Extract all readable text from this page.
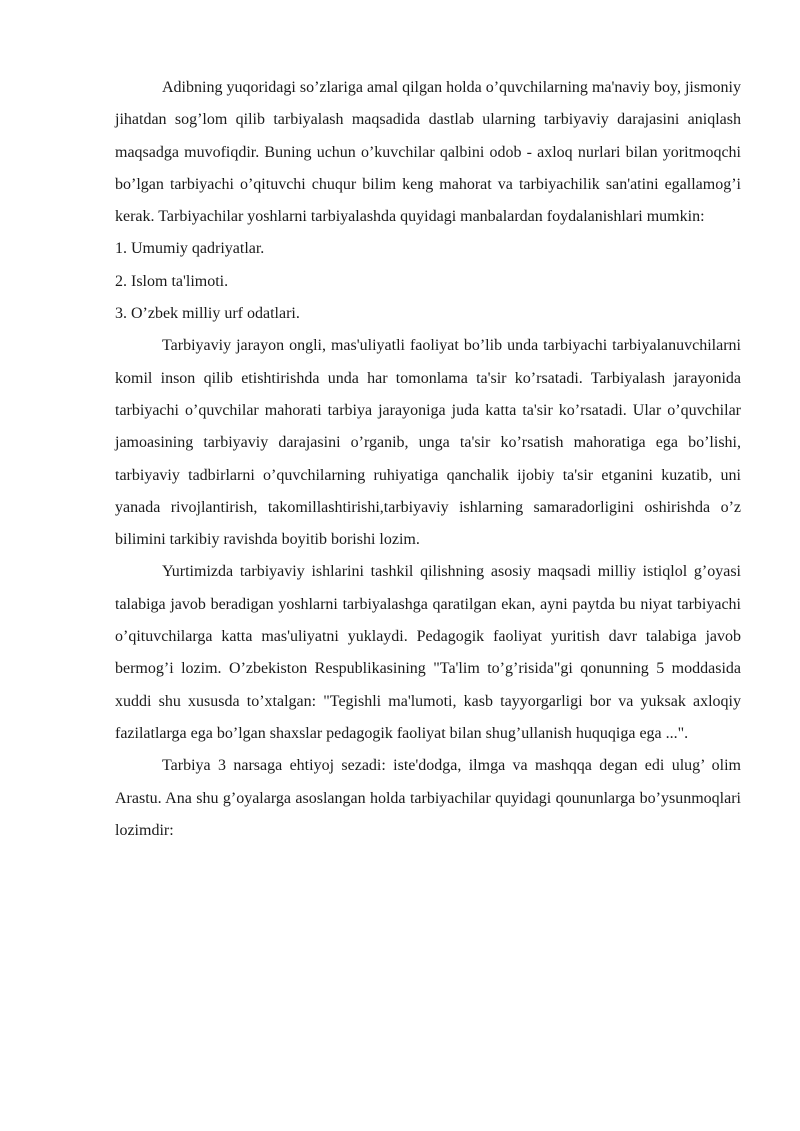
Adibning yuqoridagi so’zlariga amal qilgan holda o’quvchilarning ma'naviy boy, jismoniy jihatdan sog’lom qilib tarbiyalash maqsadida dastlab ularning tarbiyaviy darajasini aniqlash maqsadga muvofiqdir. Buning uchun o’kuvchilar qalbini odob - axloq nurlari bilan yoritmoqchi bo’lgan tarbiyachi o’qituvchi chuqur bilim keng mahorat va tarbiyachilik san'atini egallamog’i kerak. Tarbiyachilar yoshlarni tarbiyalashda quyidagi manbalardan foydalanishlari mumkin:

1. Umumiy qadriyatlar.

2. Islom ta'limoti.

3. O’zbek milliy urf odatlari.

Tarbiyaviy jarayon ongli, mas'uliyatli faoliyat bo’lib unda tarbiyachi tarbiyalanuvchilarni komil inson qilib etishtirishda unda har tomonlama ta'sir ko’rsatadi. Tarbiyalash jarayonida tarbiyachi o’quvchilar mahorati tarbiya jarayoniga juda katta ta'sir ko’rsatadi. Ular o’quvchilar jamoasining tarbiyaviy darajasini o’rganib, unga ta'sir ko’rsatish mahoratiga ega bo’lishi, tarbiyaviy tadbirlarni o’quvchilarning ruhiyatiga qanchalik ijobiy ta'sir etganini kuzatib, uni yanada rivojlantirish, takomillashtirishi,tarbiyaviy ishlarning samaradorligini oshirishda o’z bilimini tarkibiy ravishda boyitib borishi lozim.

Yurtimizda tarbiyaviy ishlarini tashkil qilishning asosiy maqsadi milliy istiqlol g’oyasi talabiga javob beradigan yoshlarni tarbiyalashga qaratilgan ekan, ayni paytda bu niyat tarbiyachi o’qituvchilarga katta mas'uliyatni yuklaydi. Pedagogik faoliyat yuritish davr talabiga javob bermog’i lozim. O’zbekiston Respublikasining "Ta'lim to’g’risida"gi qonunning 5 moddasida xuddi shu xususda to’xtalgan: "Tegishli ma'lumoti, kasb tayyorgarligi bor va yuksak axloqiy fazilatlarga ega bo’lgan shaxslar pedagogik faoliyat bilan shug’ullanish huquqiga ega ...".

Tarbiya 3 narsaga ehtiyoj sezadi: iste'dodga, ilmga va mashqqa degan edi ulug’ olim Arastu. Ana shu g’oyalarga asoslangan holda tarbiyachilar quyidagi qoununlarga bo’ysunmoqlari lozimdir:
